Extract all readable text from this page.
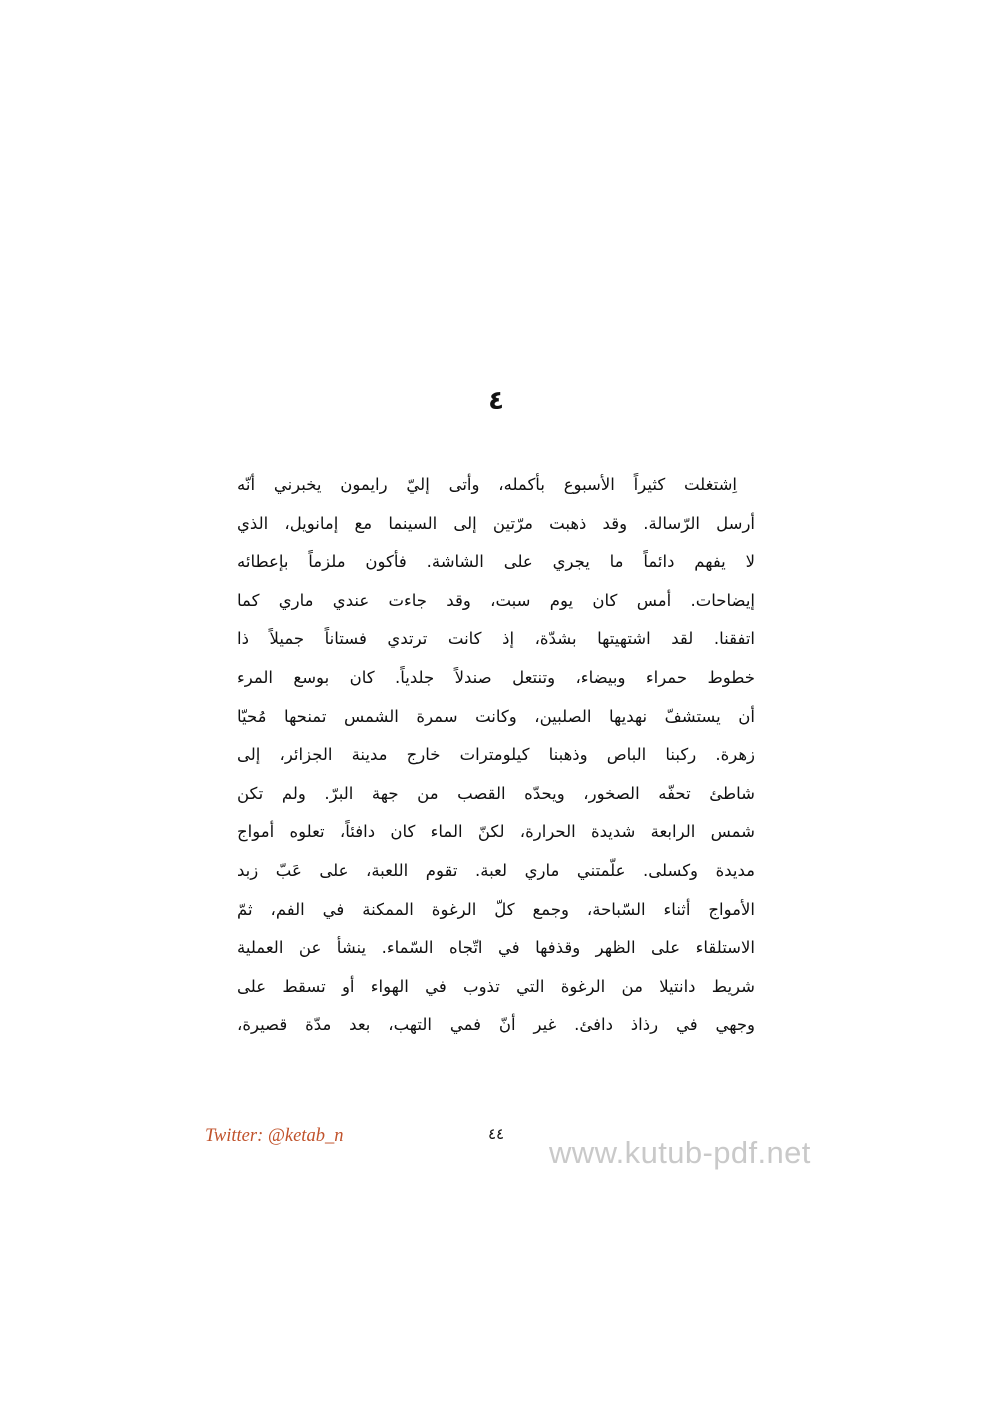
٤
اِشتغلت كثيراً الأسبوع بأكمله، وأتى إليّ رايمون يخبرني أنّه
أرسل الرّسالة. وقد ذهبت مرّتين إلى السينما مع إمانويل، الذي
لا يفهم دائماً ما يجري على الشاشة. فأكون ملزماً بإعطائه
إيضاحات. أمس كان يوم سبت، وقد جاءت عندي ماري كما
اتفقنا. لقد اشتهيتها بشدّة، إذ كانت ترتدي فستاناً جميلاً ذا
خطوط حمراء وبيضاء، وتنتعل صندلاً جلدياً. كان بوسع المرء
أن يستشفّ نهديها الصلبين، وكانت سمرة الشمس تمنحها مُحيّا
زهرة. ركبنا الباص وذهبنا كيلومترات خارج مدينة الجزائر، إلى
شاطئ تحفّه الصخور، ويحدّه القصب من جهة البرّ. ولم تكن
شمس الرابعة شديدة الحرارة، لكنّ الماء كان دافئاً، تعلوه أمواج
مديدة وكسلى. علّمتني ماري لعبة. تقوم اللعبة، على عَبّ زبد
الأمواج أثناء السّباحة، وجمع كلّ الرغوة الممكنة في الفم، ثمّ
الاستلقاء على الظهر وقذفها في اتّجاه السّماء. ينشأ عن العملية
شريط دانتيلا من الرغوة التي تذوب في الهواء أو تسقط على
وجهي في رذاذ دافئ. غير أنّ فمي التهب، بعد مدّة قصيرة،
Twitter: @ketab_n	٤٤
www.kutub-pdf.net
